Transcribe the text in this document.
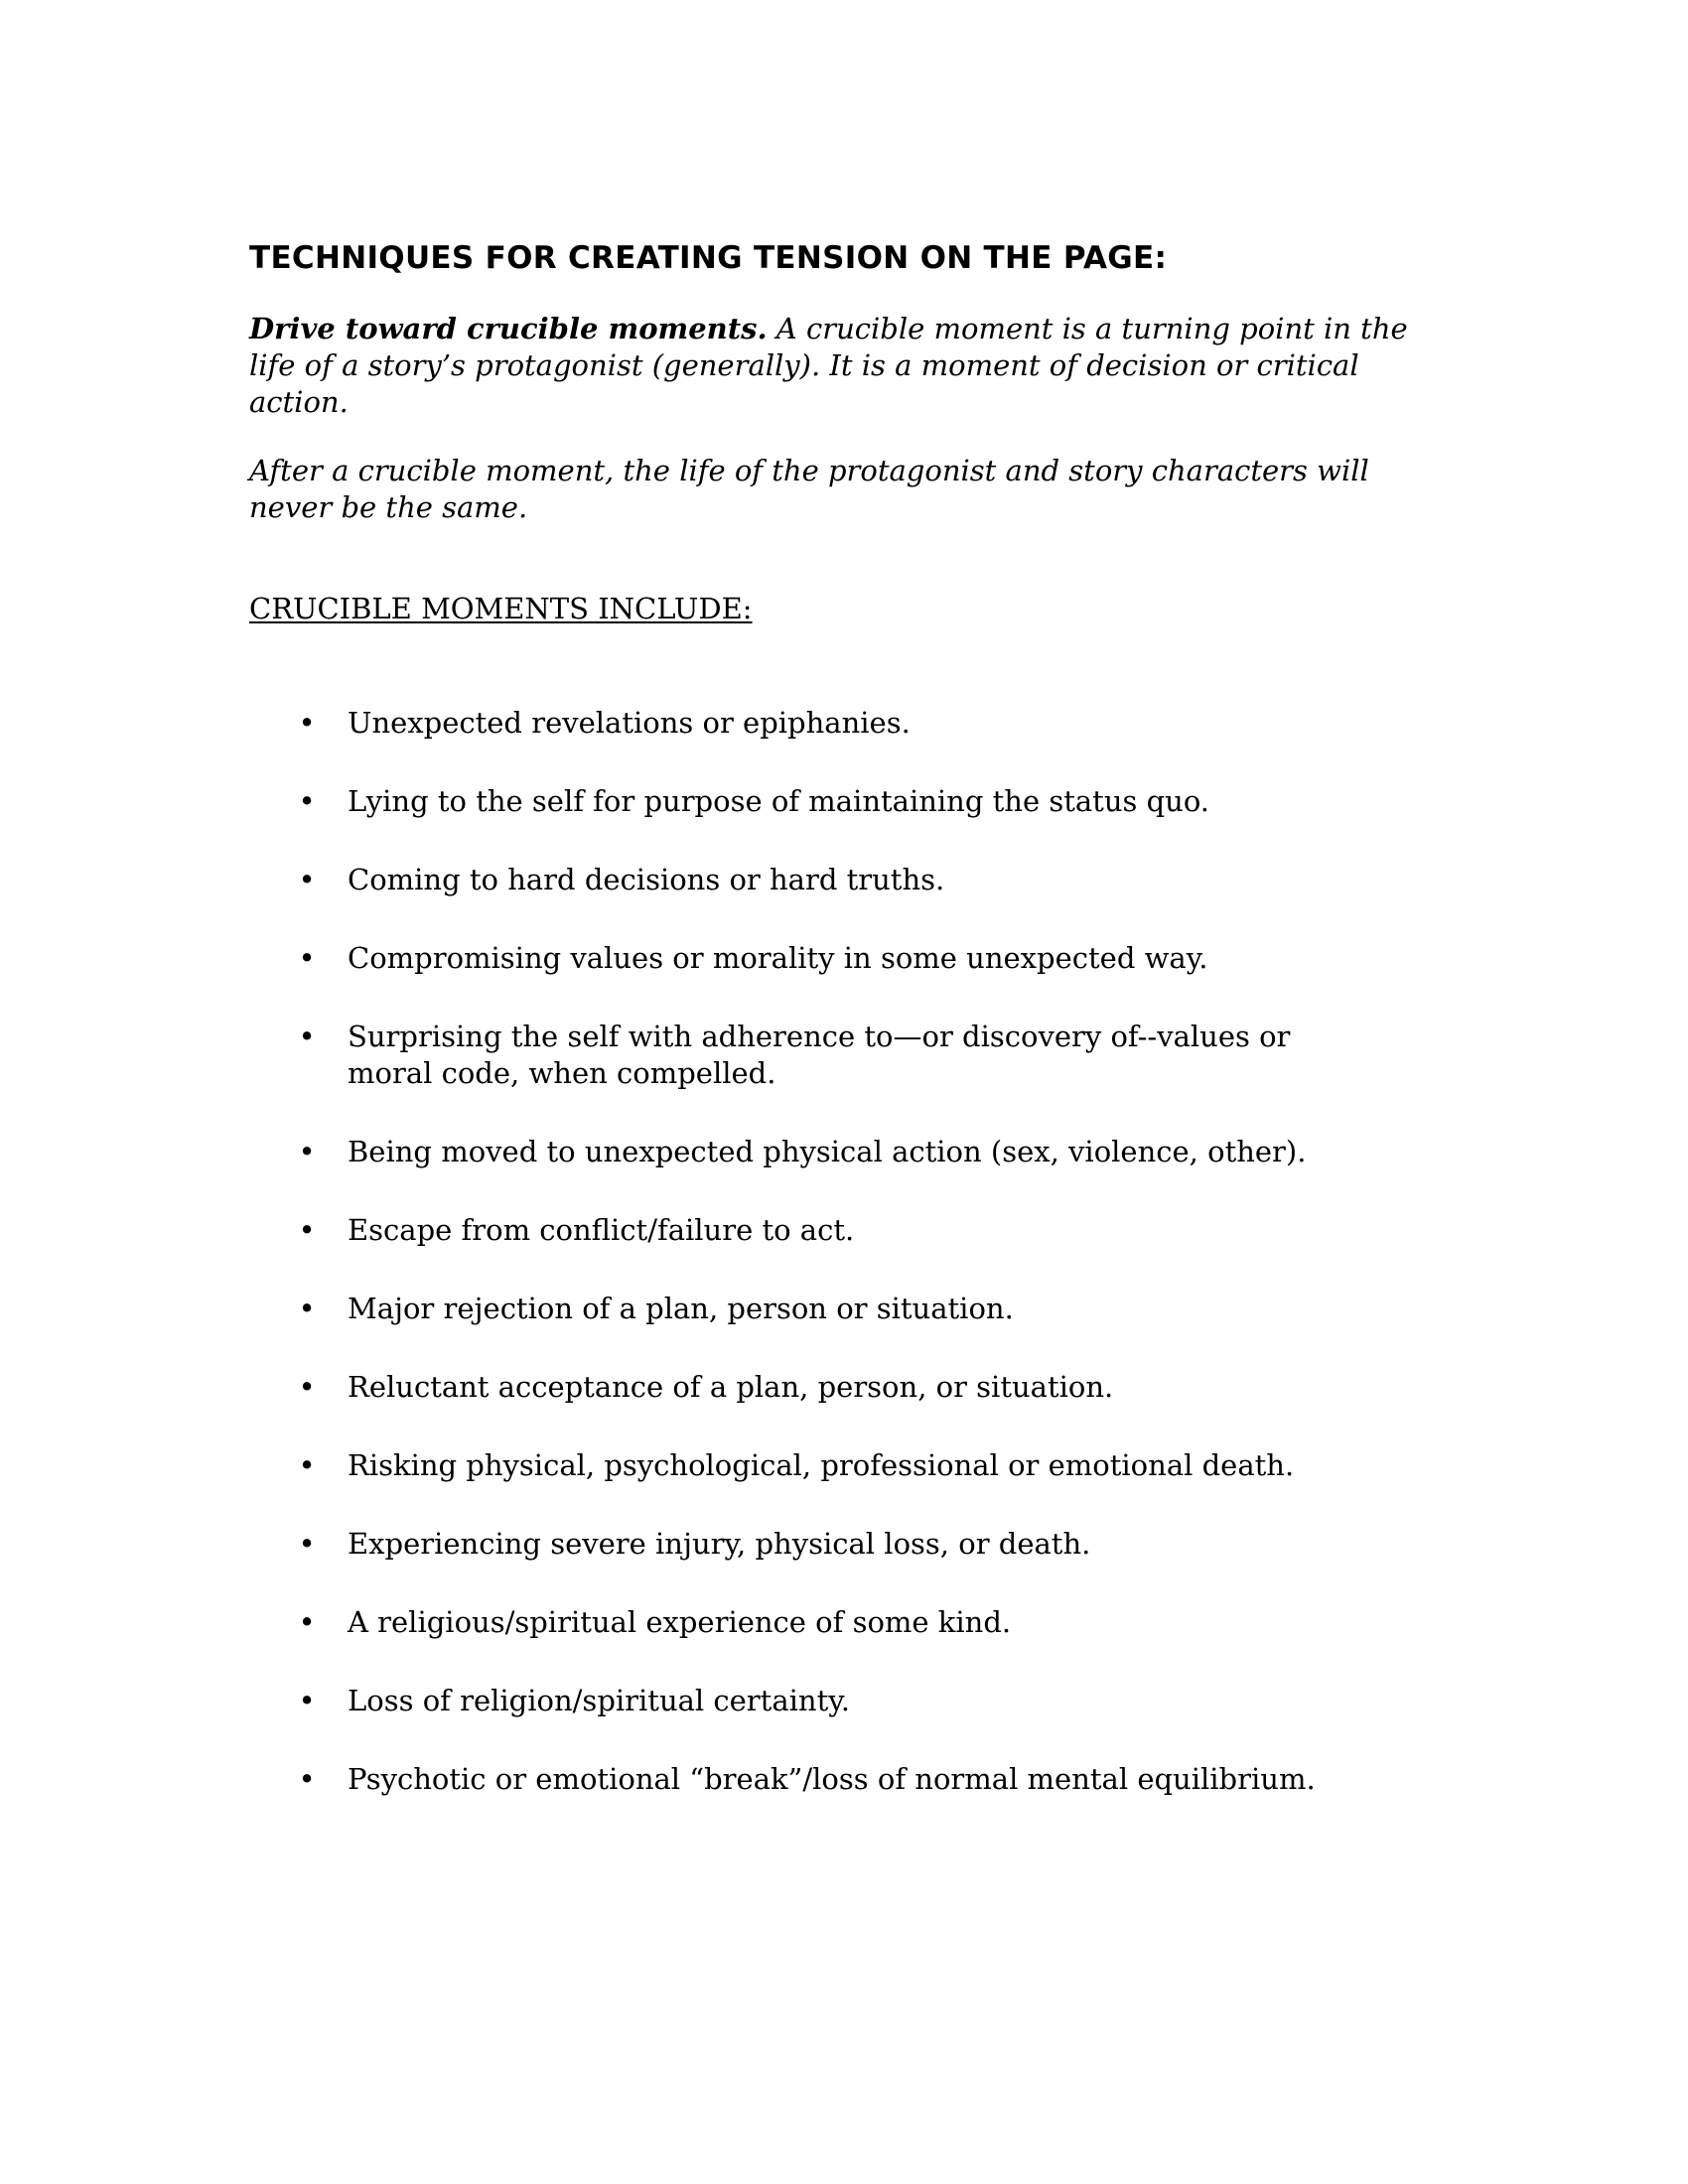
TECHNIQUES FOR CREATING TENSION ON THE PAGE:

Drive toward crucible moments. A crucible moment is a turning point in the life of a story’s protagonist (generally). It is a moment of decision or critical action.

After a crucible moment, the life of the protagonist and story characters will never be the same.

CRUCIBLE MOMENTS INCLUDE:

• Unexpected revelations or epiphanies.
• Lying to the self for purpose of maintaining the status quo.
• Coming to hard decisions or hard truths.
• Compromising values or morality in some unexpected way.
• Surprising the self with adherence to—or discovery of--values or moral code, when compelled.
• Being moved to unexpected physical action (sex, violence, other).
• Escape from conflict/failure to act.
• Major rejection of a plan, person or situation.
• Reluctant acceptance of a plan, person, or situation.
• Risking physical, psychological, professional or emotional death.
• Experiencing severe injury, physical loss, or death.
• A religious/spiritual experience of some kind.
• Loss of religion/spiritual certainty.
• Psychotic or emotional “break”/loss of normal mental equilibrium.
